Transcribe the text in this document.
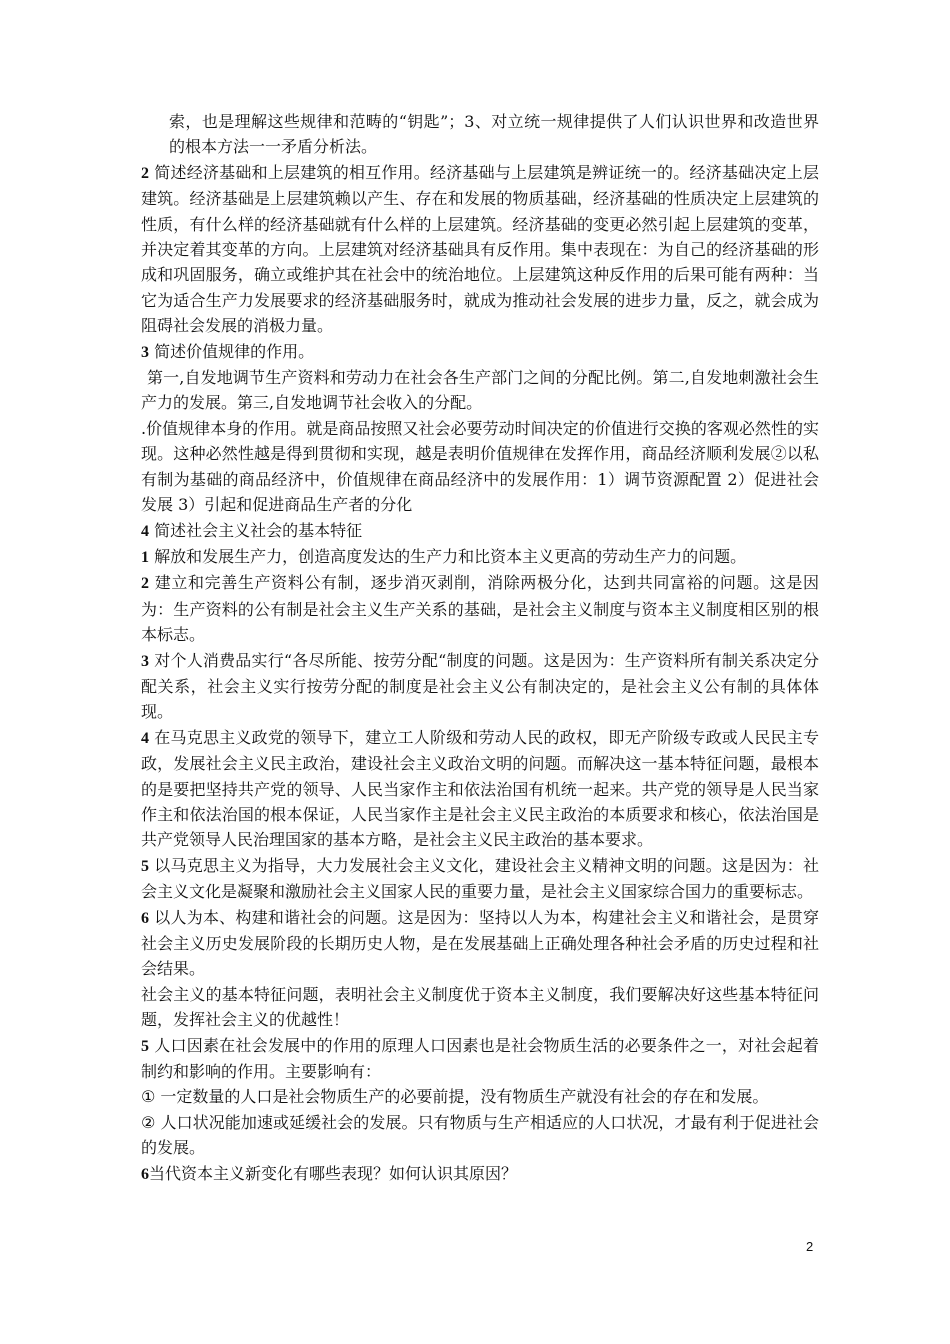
索，也是理解这些规律和范畴的“钥匙”；3、对立统一规律提供了人们认识世界和改造世界的根本方法一一矛盾分析法。

2 简述经济基础和上层建筑的相互作用。经济基础与上层建筑是辨证统一的。经济基础决定上层建筑。经济基础是上层建筑赖以产生、存在和发展的物质基础，经济基础的性质决定上层建筑的性质，有什么样的经济基础就有什么样的上层建筑。经济基础的变更必然引起上层建筑的变革，并决定着其变革的方向。上层建筑对经济基础具有反作用。集中表现在：为自己的经济基础的形成和巩固服务，确立或维护其在社会中的统治地位。上层建筑这种反作用的后果可能有两种：当它为适合生产力发展要求的经济基础服务时，就成为推动社会发展的进步力量，反之，就会成为阻碍社会发展的消极力量。

3 简述价值规律的作用。

第一,自发地调节生产资料和劳动力在社会各生产部门之间的分配比例。第二,自发地刺激社会生产力的发展。第三,自发地调节社会收入的分配。

.价值规律本身的作用。就是商品按照又社会必要劳动时间决定的价值进行交换的客观必然性的实现。这种必然性越是得到贯彻和实现，越是表明价值规律在发挥作用，商品经济顺利发展②以私有制为基础的商品经济中，价值规律在商品经济中的发展作用：1）调节资源配置 2）促进社会发展 3）引起和促进商品生产者的分化

4 简述社会主义社会的基本特征

1 解放和发展生产力，创造高度发达的生产力和比资本主义更高的劳动生产力的问题。

2 建立和完善生产资料公有制，逐步消灭剥削，消除两极分化，达到共同富裕的问题。这是因为：生产资料的公有制是社会主义生产关系的基础，是社会主义制度与资本主义制度相区别的根本标志。

3 对个人消费品实行“各尽所能、按劳分配“制度的问题。这是因为：生产资料所有制关系决定分配关系，社会主义实行按劳分配的制度是社会主义公有制决定的，是社会主义公有制的具体体现。

4 在马克思主义政党的领导下，建立工人阶级和劳动人民的政权，即无产阶级专政或人民民主专政，发展社会主义民主政治，建设社会主义政治文明的问题。而解决这一基本特征问题，最根本的是要把坚持共产党的领导、人民当家作主和依法治国有机统一起来。共产党的领导是人民当家作主和依法治国的根本保证，人民当家作主是社会主义民主政治的本质要求和核心，依法治国是共产党领导人民治理国家的基本方略，是社会主义民主政治的基本要求。

5 以马克思主义为指导，大力发展社会主义文化，建设社会主义精神文明的问题。这是因为：社会主义文化是凝聚和激励社会主义国家人民的重要力量，是社会主义国家综合国力的重要标志。

6 以人为本、构建和谐社会的问题。这是因为：坚持以人为本，构建社会主义和谐社会，是贯穿社会主义历史发展阶段的长期历史人物，是在发展基础上正确处理各种社会矛盾的历史过程和社会结果。

社会主义的基本特征问题，表明社会主义制度优于资本主义制度，我们要解决好这些基本特征问题，发挥社会主义的优越性！

5 人口因素在社会发展中的作用的原理人口因素也是社会物质生活的必要条件之一，对社会起着制约和影响的作用。主要影响有：

① 一定数量的人口是社会物质生产的必要前提，没有物质生产就没有社会的存在和发展。

② 人口状况能加速或延缓社会的发展。只有物质与生产相适应的人口状况，才最有利于促进社会的发展。

6当代资本主义新变化有哪些表现？如何认识其原因？

2
